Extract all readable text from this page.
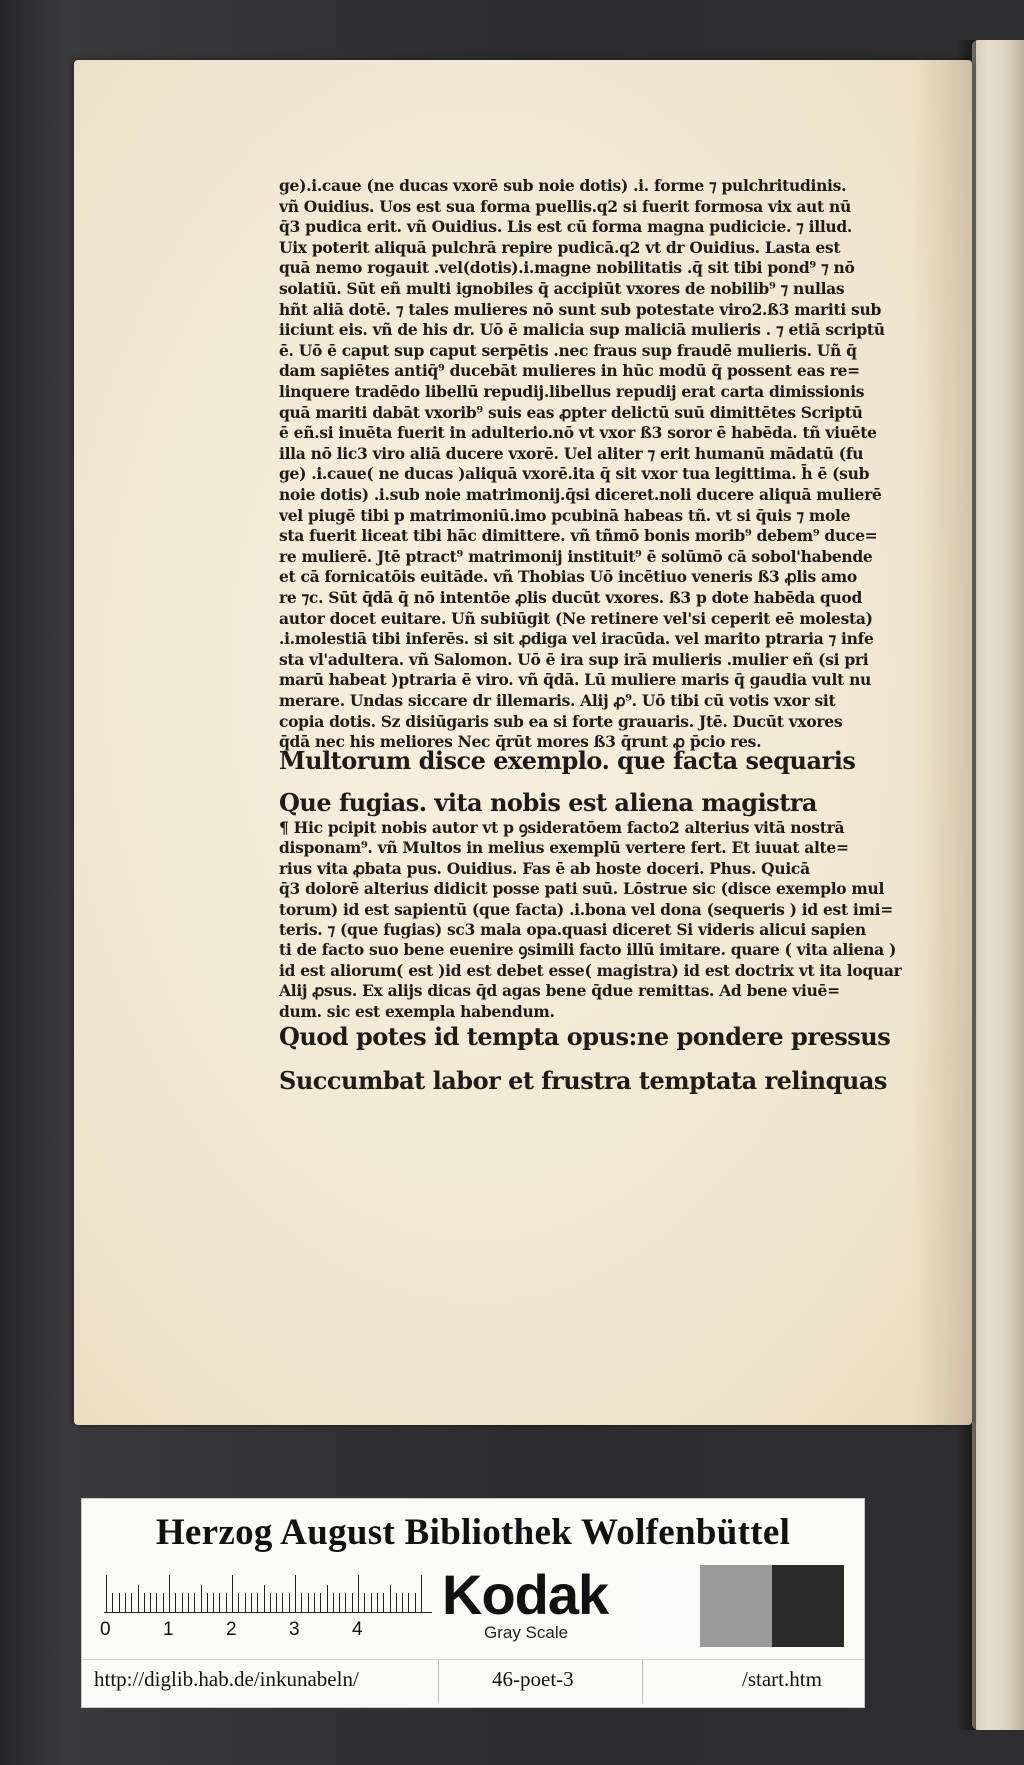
ge).i.caue (ne ducas vxorē sub noie dotis) .i. forme ⁊ pulchritudinis.
vñ Ouidius. Uos est sua forma puellis.q2 si fuerit formosa vix aut nū
q̄3 pudica erit. vñ Ouidius. Lis est cū forma magna pudicicie. ⁊ illud.
Uix poterit aliquā pulchrā repire pudicā.q2 vt dr Ouidius. Lasta est
quā nemo rogauit .vel(dotis).i.magne nobilitatis .q̄ sit tibi pond⁹ ⁊ nō
solatiū. Sūt eñ multi ignobiles q̄ accipiūt vxores de nobilib⁹ ⁊ nullas
hñt aliā dotē. ⁊ tales mulieres nō sunt sub potestate viro2.ß3 mariti sub
iiciunt eis. vñ de his dr. Uō ē malicia sup maliciā mulieris . ⁊ etiā scriptū
ē. Uō ē caput sup caput serpētis .nec fraus sup fraudē mulieris. Uñ q̄
dam sapiētes antiq̄⁹ ducebāt mulieres in hūc modū q̄ possent eas re=
linquere tradēdo libellū repudij.libellus repudij erat carta dimissionis
quā mariti dabāt vxorib⁹ suis eas ꝓpter delictū suū dimittētes Scriptū
ē eñ.si inuēta fuerit in adulterio.nō vt vxor ß3 soror ē habēda. tñ viuēte
illa nō lic3 viro aliā ducere vxorē. Uel aliter ⁊ erit humanū mādatū (fu
ge) .i.caue( ne ducas )aliquā vxorē.ita q̄ sit vxor tua legittima. h̄ ē (sub
noie dotis) .i.sub noie matrimonij.q̄si diceret.noli ducere aliquā mulierē
vel piugē tibi p matrimoniū.imo pcubinā habeas tñ. vt si q̄uis ⁊ mole
sta fuerit liceat tibi hāc dimittere. vñ tñmō bonis morib⁹ debem⁹ duce=
re mulierē. Jtē ptract⁹ matrimonij instituit⁹ ē solūmō cā sobol'habende
et cā fornicatōis euitāde. vñ Thobias Uō incētiuo veneris ß3 ꝓlis amo
re ⁊c. Sūt q̄dā q̄ nō intentōe ꝓlis ducūt vxores. ß3 p dote habēda quod
autor docet euitare. Uñ subiūgit (Ne retinere vel'si ceperit eē molesta)
.i.molestiā tibi inferēs. si sit ꝓdiga vel iracūda. vel marito ptraria ⁊ infe
sta vl'adultera. vñ Salomon. Uō ē ira sup irā mulieris .mulier eñ (si pri
marū habeat )ptraria ē viro. vñ q̄dā. Lū muliere maris q̄ gaudia vult nu
merare. Undas siccare dr illemaris. Alij ꝓ⁹. Uō tibi cū votis vxor sit
copia dotis. Sz disiūgaris sub ea si forte grauaris. Jtē. Ducūt vxores
q̄dā nec his meliores Nec q̄rūt mores ß3 q̄runt ꝓ p̄cio res.
Multorum disce exemplo. que facta sequaris
Que fugias. vita nobis est aliena magistra
¶ Hic pcipit nobis autor vt p ꝯsideratōem facto2 alterius vitā nostrā
disponam⁹. vñ Multos in melius exemplū vertere fert. Et iuuat alte=
rius vita ꝓbata pus. Ouidius. Fas ē ab hoste doceri. Phus. Quicā
q̄3 dolorē alterius didicit posse pati suū. Lōstrue sic (disce exemplo mul
torum) id est sapientū (que facta) .i.bona vel dona (sequeris ) id est imi=
teris. ⁊ (que fugias) sc3 mala opa.quasi diceret Si videris alicui sapien
ti de facto suo bene euenire ꝯsimili facto illū imitare. quare ( vita aliena )
id est aliorum( est )id est debet esse( magistra) id est doctrix vt ita loquar
Alij ꝓsus. Ex alijs dicas q̄d agas bene q̄due remittas. Ad bene viuē=
dum. sic est exempla habendum.
Quod potes id tempta opus:ne pondere pressus
Succumbat labor et frustra temptata relinquas
Herzog August Bibliothek Wolfenbüttel
0	1	2	3	4
Kodak
Gray Scale
http://diglib.hab.de/inkunabeln/	46-poet-3	/start.htm
